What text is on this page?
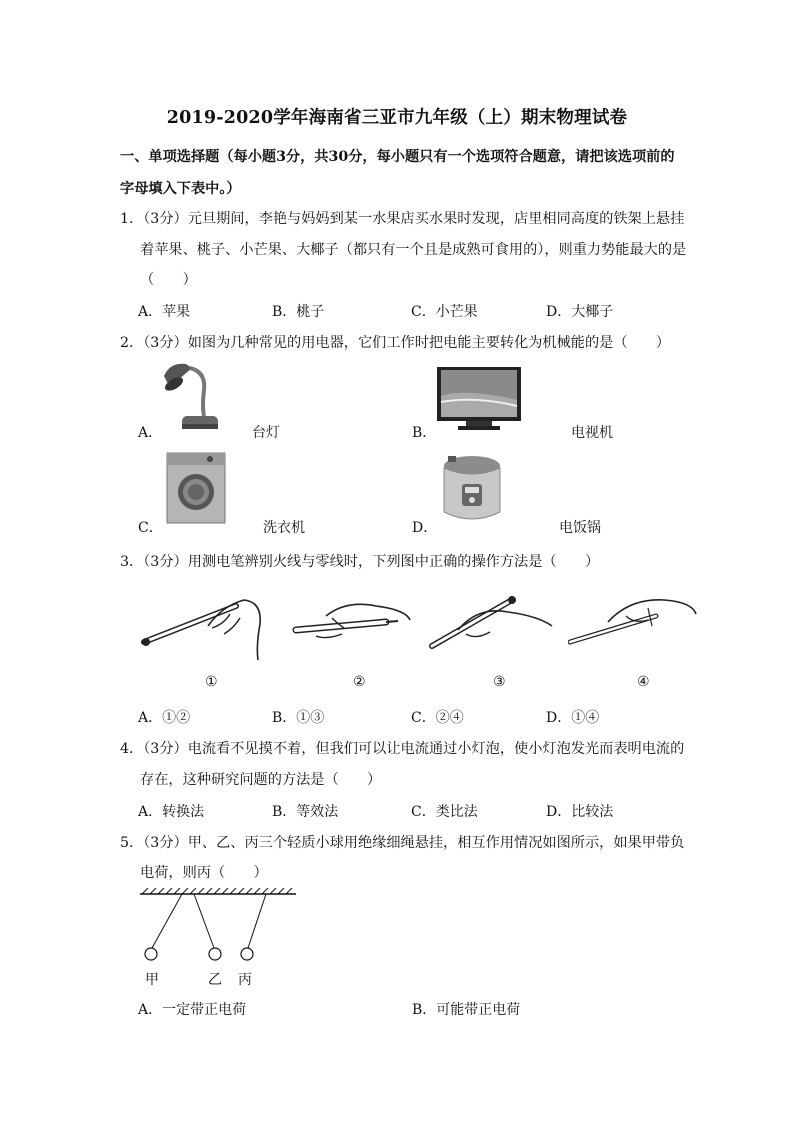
2019-2020学年海南省三亚市九年级（上）期末物理试卷
一、单项选择题（每小题3分，共30分，每小题只有一个选项符合题意，请把该选项前的
字母填入下表中。）
1．（3分）元旦期间，李艳与妈妈到某一水果店买水果时发现，店里相同高度的铁架上悬挂
着苹果、桃子、小芒果、大椰子（都只有一个且是成熟可食用的），则重力势能最大的是
（　　）
A．苹果	B．桃子	C．小芒果	D．大椰子
2．（3分）如图为几种常见的用电器，它们工作时把电能主要转化为机械能的是（　　）
A．	台灯	B．	电视机
C．	洗衣机	D．	电饭锅
3．（3分）用测电笔辨别火线与零线时，下列图中正确的操作方法是（　　）
①	②	③	④
A．①②	B．①③	C．②④	D．①④
4．（3分）电流看不见摸不着，但我们可以让电流通过小灯泡，使小灯泡发光而表明电流的
存在，这种研究问题的方法是（　　）
A．转换法	B．等效法	C．类比法	D．比较法
5．（3分）甲、乙、丙三个轻质小球用绝缘细绳悬挂，相互作用情况如图所示，如果甲带负
电荷，则丙（　　）
甲	乙 丙
A．一定带正电荷	B．可能带正电荷
